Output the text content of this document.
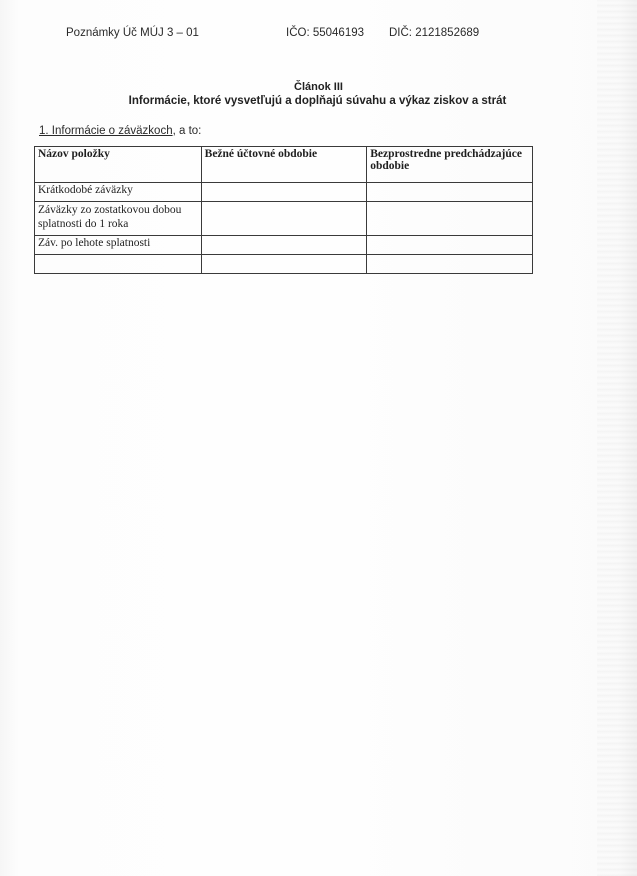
Poznámky Úč MÚJ 3 – 01	IČO: 55046193 DIČ: 2121852689
Článok III
Informácie, ktoré vysvetľujú a doplňajú súvahu a výkaz ziskov a strát
1. Informácie o záväzkoch, a to:
Názov položky	Bežné účtovné obdobie	Bezprostredne predchádzajúce obdobie
Krátkodobé záväzky		
Záväzky zo zostatkovou dobou splatnosti do 1 roka		
Záv. po lehote splatnosti		
